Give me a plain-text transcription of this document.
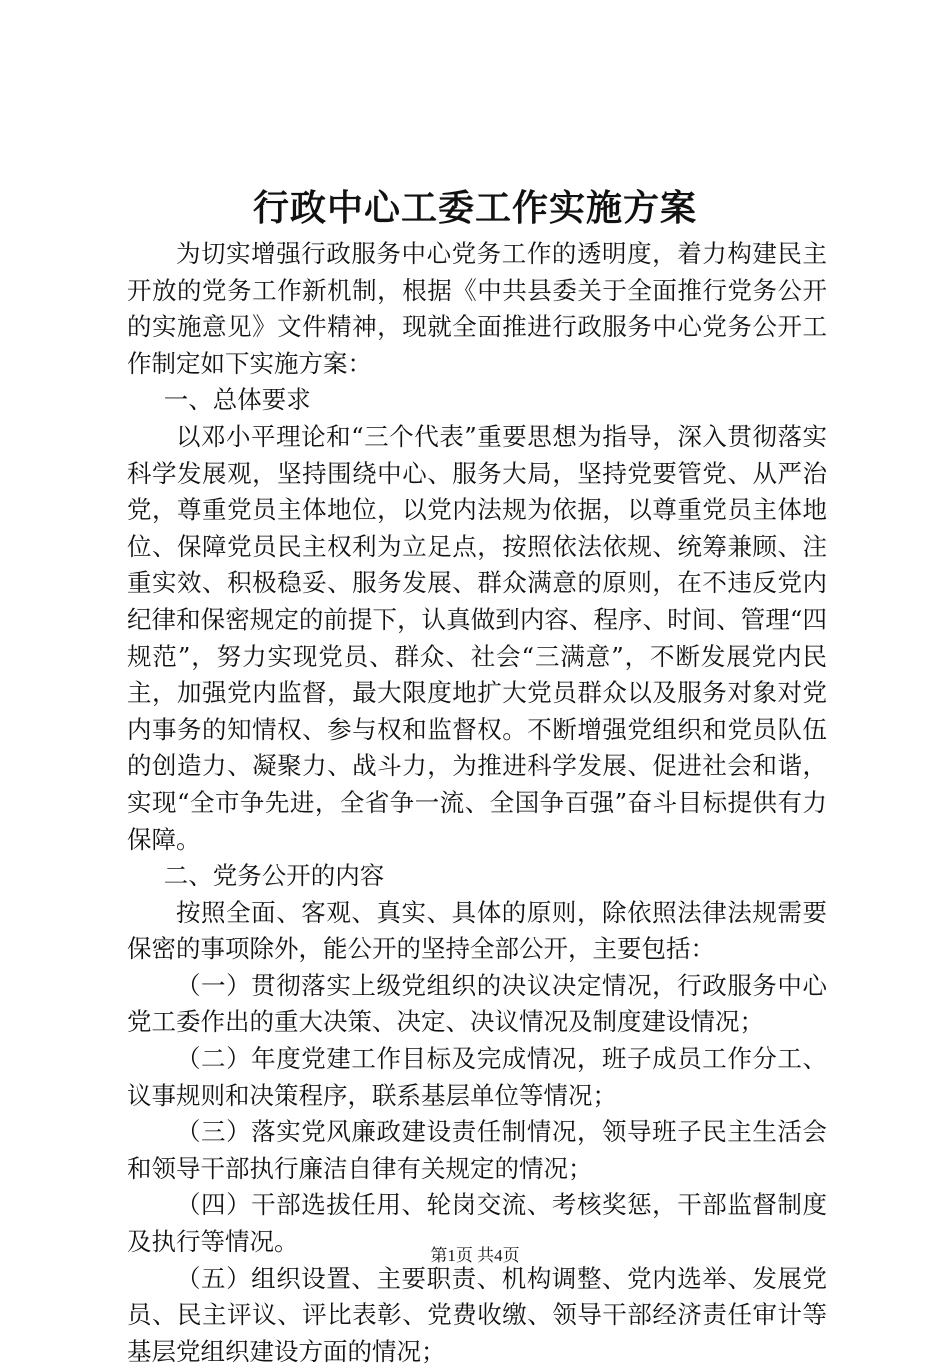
行政中心工委工作实施方案

为切实增强行政服务中心党务工作的透明度，着力构建民主开放的党务工作新机制，根据《中共县委关于全面推行党务公开的实施意见》文件精神，现就全面推进行政服务中心党务公开工作制定如下实施方案：

一、总体要求

以邓小平理论和“三个代表”重要思想为指导，深入贯彻落实科学发展观，坚持围绕中心、服务大局，坚持党要管党、从严治党，尊重党员主体地位，以党内法规为依据，以尊重党员主体地位、保障党员民主权利为立足点，按照依法依规、统筹兼顾、注重实效、积极稳妥、服务发展、群众满意的原则，在不违反党内纪律和保密规定的前提下，认真做到内容、程序、时间、管理“四规范”，努力实现党员、群众、社会“三满意”，不断发展党内民主，加强党内监督，最大限度地扩大党员群众以及服务对象对党内事务的知情权、参与权和监督权。不断增强党组织和党员队伍的创造力、凝聚力、战斗力，为推进科学发展、促进社会和谐，实现“全市争先进，全省争一流、全国争百强”奋斗目标提供有力保障。

二、党务公开的内容

按照全面、客观、真实、具体的原则，除依照法律法规需要保密的事项除外，能公开的坚持全部公开，主要包括：

（一）贯彻落实上级党组织的决议决定情况，行政服务中心党工委作出的重大决策、决定、决议情况及制度建设情况；

（二）年度党建工作目标及完成情况，班子成员工作分工、议事规则和决策程序，联系基层单位等情况；

（三）落实党风廉政建设责任制情况，领导班子民主生活会和领导干部执行廉洁自律有关规定的情况；

（四）干部选拔任用、轮岗交流、考核奖惩，干部监督制度及执行等情况。

（五）组织设置、主要职责、机构调整、党内选举、发展党员、民主评议、评比表彰、党费收缴、领导干部经济责任审计等基层党组织建设方面的情况；

第1页 共4页
